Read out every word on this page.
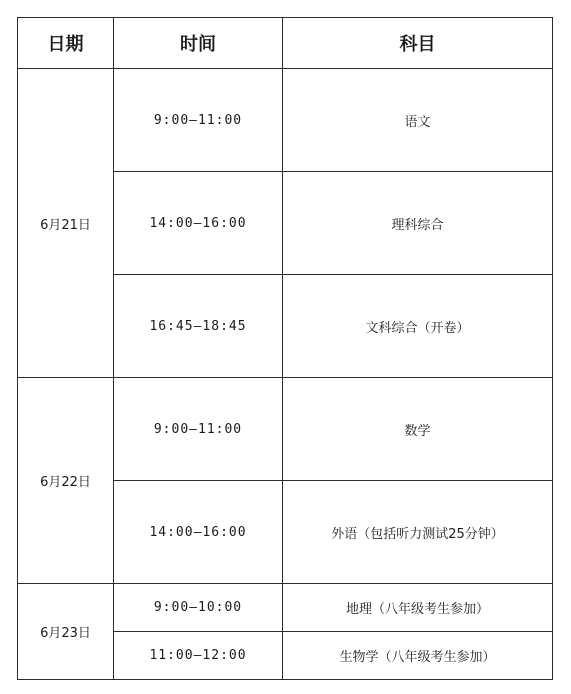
日期	时间	科目
6月21日	9:00—11:00	语文
	14:00—16:00	理科综合
	16:45—18:45	文科综合（开卷）
6月22日	9:00—11:00	数学
	14:00—16:00	外语（包括听力测试25分钟）
6月23日	9:00—10:00	地理（八年级考生参加）
	11:00—12:00	生物学（八年级考生参加）
